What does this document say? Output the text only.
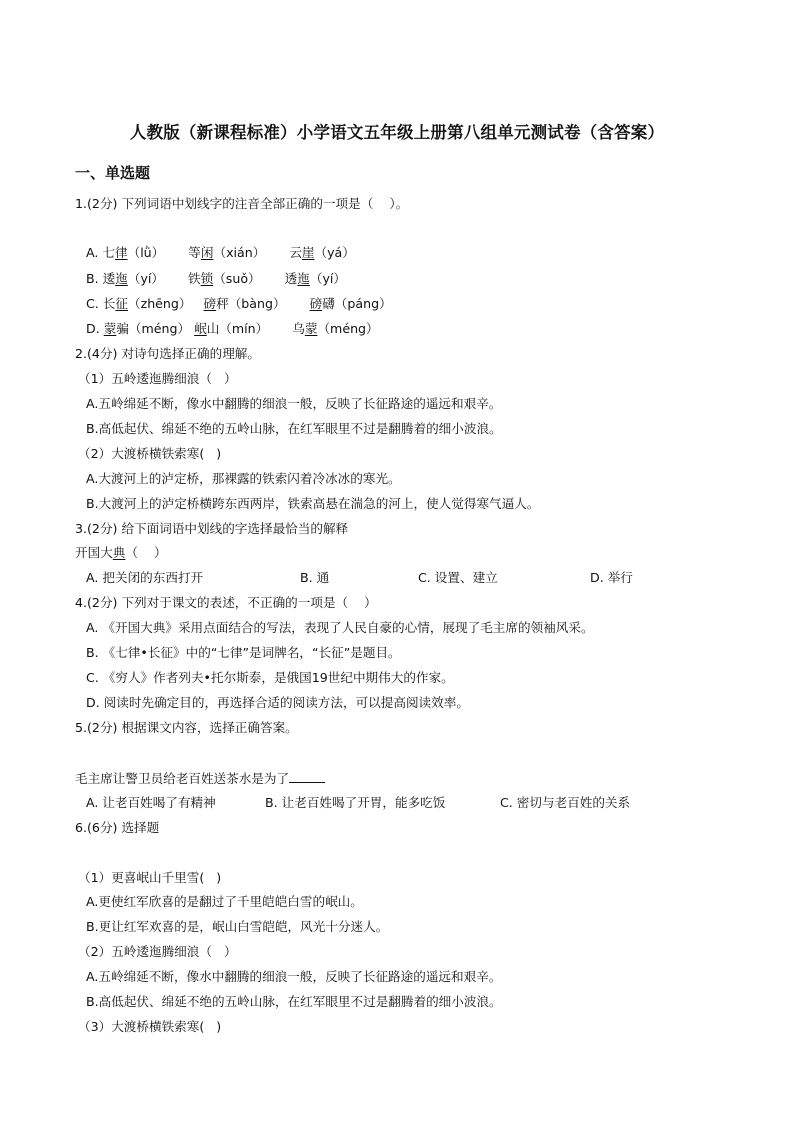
人教版（新课程标准）小学语文五年级上册第八组单元测试卷（含答案）
一、单选题
1.(2分) 下列词语中划线字的注音全部正确的一项是（    ）。
A. 七律（lǜ）      等闲（xián）      云崖（yá）
B. 逶迤（yí）      铁锁（suǒ）      透迤（yí）
C. 长征（zhēng）   磅秤（bàng）      磅礴（páng）
D. 蒙骗（méng） 岷山（mín）      乌蒙（méng）
2.(4分) 对诗句选择正确的理解。
（1）五岭逶迤腾细浪（   ）
A.五岭绵延不断，像水中翻腾的细浪一般，反映了长征路途的遥远和艰辛。
B.高低起伏、绵延不绝的五岭山脉，在红军眼里不过是翻腾着的细小波浪。
（2）大渡桥横铁索寒(   )
A.大渡河上的泸定桥，那裸露的铁索闪着冷冰冰的寒光。
B.大渡河上的泸定桥横跨东西两岸，铁索高悬在湍急的河上，使人觉得寒气逼人。
3.(2分) 给下面词语中划线的字选择最恰当的解释
开国大典（    ）
A. 把关闭的东西打开	B. 通	C. 设置、建立	D. 举行
4.(2分) 下列对于课文的表述，不正确的一项是（    ）
A. 《开国大典》采用点面结合的写法，表现了人民自豪的心情，展现了毛主席的领袖风采。
B. 《七律•长征》中的“七律”是词牌名，“长征”是题目。
C. 《穷人》作者列夫•托尔斯泰，是俄国19世纪中期伟大的作家。
D. 阅读时先确定目的，再选择合适的阅读方法，可以提高阅读效率。
5.(2分) 根据课文内容，选择正确答案。
毛主席让警卫员给老百姓送茶水是为了
A. 让老百姓喝了有精神	B. 让老百姓喝了开胃，能多吃饭	C. 密切与老百姓的关系
6.(6分) 选择题
（1）更喜岷山千里雪(   )
A.更使红军欣喜的是翻过了千里皑皑白雪的岷山。
B.更让红军欢喜的是，岷山白雪皑皑，风光十分迷人。
（2）五岭逶迤腾细浪（   ）
A.五岭绵延不断，像水中翻腾的细浪一般，反映了长征路途的遥远和艰辛。
B.高低起伏、绵延不绝的五岭山脉，在红军眼里不过是翻腾着的细小波浪。
（3）大渡桥横铁索寒(   )
